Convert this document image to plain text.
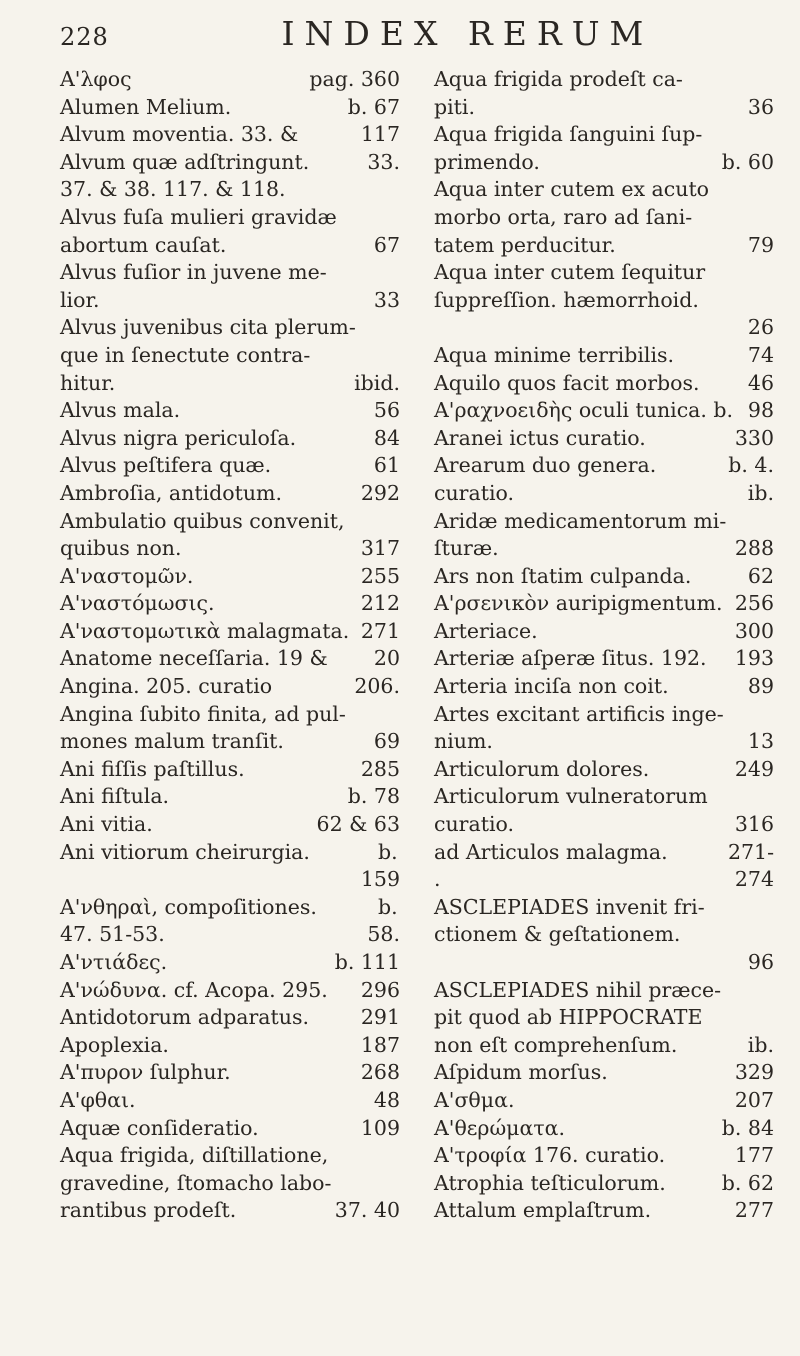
228	INDEX RERUM
pag. 360
Α'λφος
b. 67
Alumen Melium.
117
Alvum moventia. 33. &
33.
Alvum quæ adſtringunt.
37. & 38. 117. & 118.
Alvus fuſa mulieri gravidæ
67
abortum cauſat.
Alvus fuſior in juvene me-
33
lior.
Alvus juvenibus cita plerum-
que in ſenectute contra-
ibid.
hitur.
56
Alvus mala.
84
Alvus nigra periculoſa.
61
Alvus peſtifera quæ.
292
Ambroſia, antidotum.
Ambulatio quibus convenit,
317
quibus non.
255
Α'ναστομῶν.
212
Α'ναστόμωσις.
271
Α'ναστομωτικὰ malagmata.
20
Anatome neceſſaria. 19 &
206.
Angina. 205. curatio
Angina ſubito finita, ad pul-
69
mones malum tranſit.
285
Ani fiſſis paſtillus.
b. 78
Ani fiſtula.
62 & 63
Ani vitia.
b.
Ani vitiorum cheirurgia.
159

b.
Α'νθηραὶ, compoſitiones.
58.
47. 51-53.
b. 111
Α'ντιάδες.
296
Α'νώδυνα. cf. Acopa. 295.
291
Antidotorum adparatus.
187
Apoplexia.
268
Α'πυρον ſulphur.
48
Α'φθαι.
109
Aquæ conſideratio.
Aqua frigida, diſtillatione,
gravedine, ſtomacho labo-
37. 40
rantibus prodeſt.
Aqua frigida prodeſt ca-
36
piti.
Aqua frigida ſanguini ſup-
b. 60
primendo.
Aqua inter cutem ex acuto
morbo orta, raro ad ſani-
79
tatem perducitur.
Aqua inter cutem ſequitur
ſuppreſſion. hæmorrhoid.
26

74
Aqua minime terribilis.
46
Aquilo quos facit morbos.
98
Α'ραχνοειδὴς oculi tunica. b.
330
Aranei ictus curatio.
b. 4.
Arearum duo genera.
ib.
curatio.
Aridæ medicamentorum mi-
288
ſturæ.
62
Ars non ſtatim culpanda.
256
Α'ρσενικὸν auripigmentum.
300
Arteriace.
193
Arteriæ aſperæ ſitus. 192.
89
Arteria inciſa non coit.
Artes excitant artificis inge-
13
nium.
249
Articulorum dolores.
Articulorum vulneratorum
316
curatio.
271-
ad Articulos malagma.
274
.
ASCLEPIADES invenit fri-
ctionem & geſtationem.
96

ASCLEPIADES nihil præce-
pit quod ab HIPPOCRATE
ib.
non eſt comprehenſum.
329
Aſpidum morſus.
207
Α'σθμα.
b. 84
Α'θερώματα.
177
Α'τροφία 176. curatio.
b. 62
Atrophia teſticulorum.
277
Attalum emplaſtrum.
